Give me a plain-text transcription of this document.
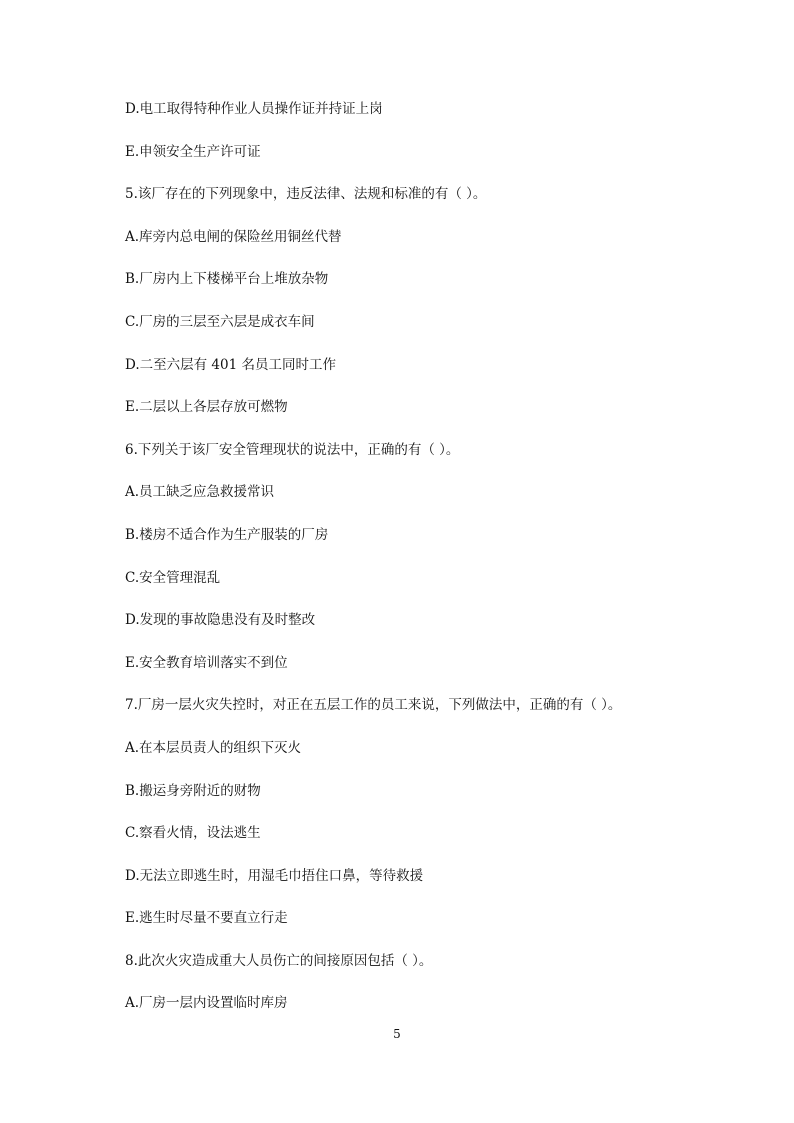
D.电工取得特种作业人员操作证并持证上岗
E.申领安全生产许可证
5.该厂存在的下列现象中，违反法律、法规和标准的有（ ）。
A.库旁内总电闸的保险丝用铜丝代替
B.厂房内上下楼梯平台上堆放杂物
C.厂房的三层至六层是成衣车间
D.二至六层有 401 名员工同时工作
E.二层以上各层存放可燃物
6.下列关于该厂安全管理现状的说法中，正确的有（ ）。
A.员工缺乏应急救援常识
B.楼房不适合作为生产服装的厂房
C.安全管理混乱
D.发现的事故隐患没有及时整改
E.安全教育培训落实不到位
7.厂房一层火灾失控时，对正在五层工作的员工来说，下列做法中，正确的有（ ）。
A.在本层员责人的组织下灭火
B.搬运身旁附近的财物
C.察看火情，设法逃生
D.无法立即逃生时，用湿毛巾捂住口鼻，等待救援
E.逃生时尽量不要直立行走
8.此次火灾造成重大人员伤亡的间接原因包括（ ）。
A.厂房一层内设置临时库房
5
